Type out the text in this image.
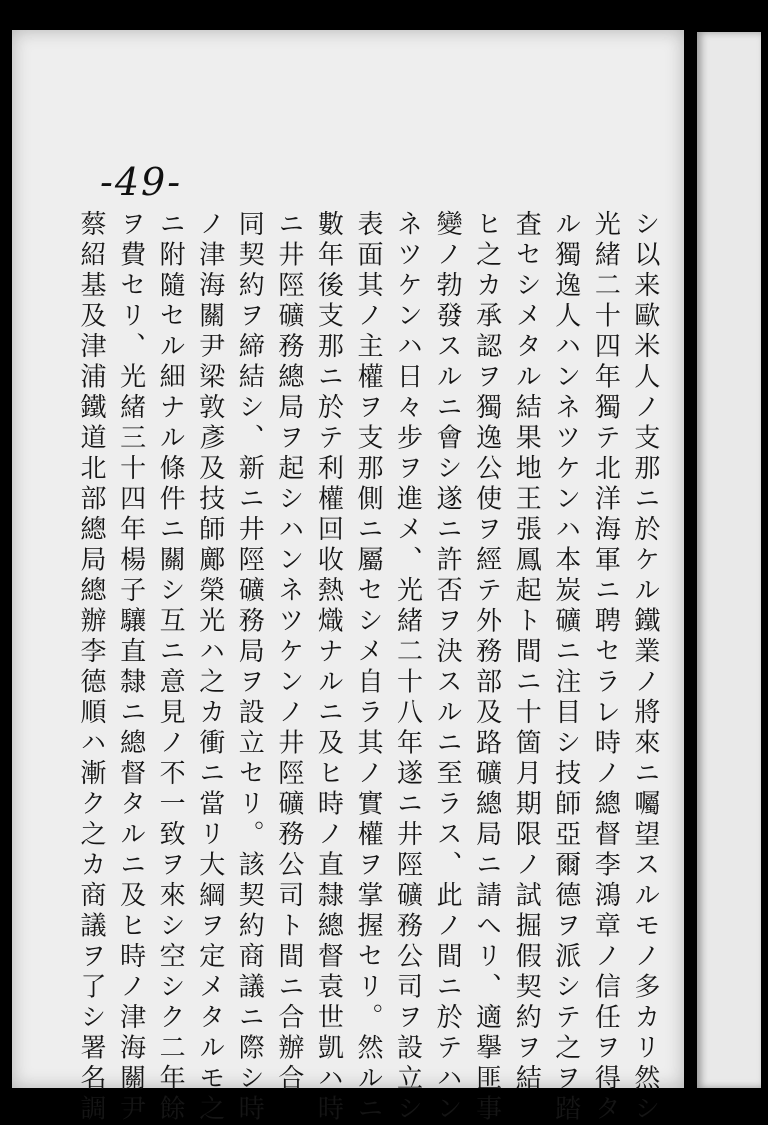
-49-
シ以来歐米人ノ支那ニ於ケル鐵業ノ將來ニ囑望スルモノ多カリ然シ
光緒二十四年獨テ北洋海軍ニ聘セラレ時ノ總督李鴻章ノ信任ヲ得タ
ル獨逸人ハンネツケンハ本炭礦ニ注目シ技師亞爾德ヲ派シテ之ヲ踏
査セシメタル結果地王張鳳起ト間ニ十箇月期限ノ試掘假契約ヲ結
ヒ之カ承認ヲ獨逸公使ヲ經テ外務部及路礦總局ニ請ヘリ、適擧匪事
變ノ勃發スルニ會シ遂ニ許否ヲ決スルニ至ラス、此ノ間ニ於テハン
ネツケンハ日々步ヲ進メ、光緒二十八年遂ニ井陘礦務公司ヲ設立シ
表面其ノ主權ヲ支那側ニ屬セシメ自ラ其ノ實權ヲ掌握セリ。然ルニ
數年後支那ニ於テ利權回收熱熾ナルニ及ヒ時ノ直隸總督袁世凱ハ時
ニ井陘礦務總局ヲ起シハンネツケンノ井陘礦務公司ト間ニ合辦合
同契約ヲ締結シ、新ニ井陘礦務局ヲ設立セリ。該契約商議ニ際シ時
ノ津海關尹梁敦彥及技師鄺榮光ハ之カ衝ニ當リ大綱ヲ定メタルモ之
ニ附隨セル細ナル條件ニ關シ互ニ意見ノ不一致ヲ來シ空シク二年餘
ヲ費セリ、光緒三十四年楊子驤直隸ニ總督タルニ及ヒ時ノ津海關尹
蔡紹基及津浦鐵道北部總局總辦李德順ハ漸ク之カ商議ヲ了シ署名調
